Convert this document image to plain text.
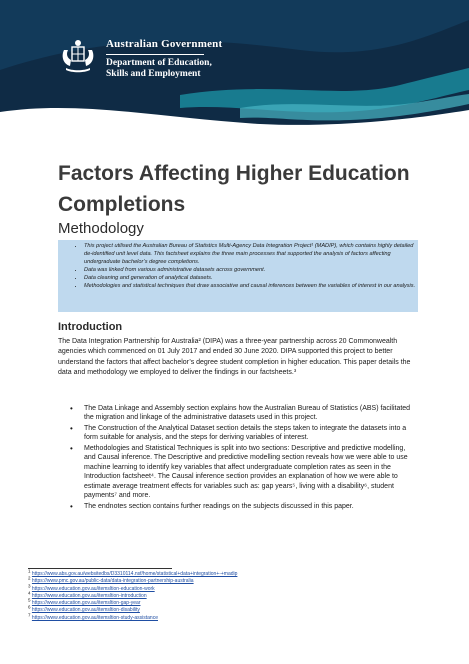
Australian Government
Department of Education,
Skills and Employment
Factors Affecting Higher Education Completions
Methodology
• This project utilised the Australian Bureau of Statistics Multi-Agency Data Integration Project¹ (MADIP), which contains highly detailed de-identified unit level data. This factsheet explains the three main processes that supported the analysis of factors affecting undergraduate bachelor’s degree completions.
• Data was linked from various administrative datasets across government.
• Data cleaning and generation of analytical datasets.
• Methodologies and statistical techniques that draw associative and causal inferences between the variables of interest in our analysis.
Introduction
The Data Integration Partnership for Australia² (DIPA) was a three-year partnership across 20 Commonwealth agencies which commenced on 01 July 2017 and ended 30 June 2020. DIPA supported this project to better understand the factors that affect bachelor’s degree student completion in higher education. This paper details the data and methodology we employed to deliver the findings in our factsheets.³
• The Data Linkage and Assembly section explains how the Australian Bureau of Statistics (ABS) facilitated the migration and linkage of the administrative datasets used in this project.
• The Construction of the Analytical Dataset section details the steps taken to integrate the datasets into a form suitable for analysis, and the steps for deriving variables of interest.
• Methodologies and Statistical Techniques is split into two sections: Descriptive and predictive modelling, and Causal inference. The Descriptive and predictive modelling section reveals how we were able to use machine learning to identify key variables that affect undergraduate completion rates as seen in the Introduction factsheet⁴. The Causal inference section provides an explanation of how we were able to estimate average treatment effects for variables such as: gap years⁵, living with a disability⁶, student payments⁷ and more.
• The endnotes section contains further readings on the subjects discussed in this paper.
$^1$ https://www.abs.gov.au/websitedbs/D3310114.nsf/home/statistical+data+integration+-+madip
$^2$ https://www.pmc.gov.au/public-data/data-integration-partnership-australia
$^3$ https://www.education.gov.au/itemsltion-education-work
$^4$ https://www.education.gov.au/itemsltion-introduction
$^5$ https://www.education.gov.au/itemsltion-gap-year
$^6$ https://www.education.gov.au/itemsltion-disability
$^7$ https://www.education.gov.au/itemsltion-study-assistance
